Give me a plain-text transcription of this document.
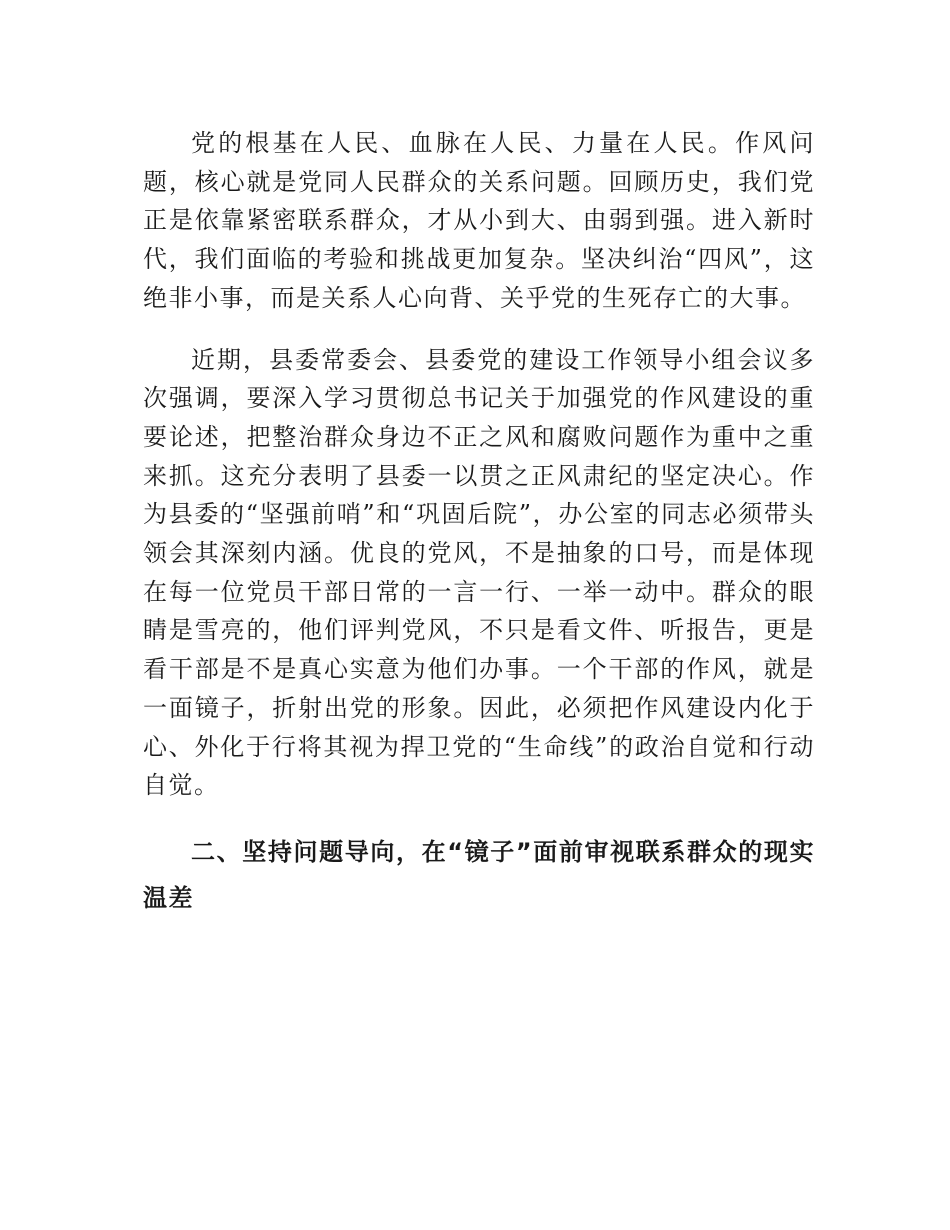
党的根基在人民、血脉在人民、力量在人民。作风问题，核心就是党同人民群众的关系问题。回顾历史，我们党正是依靠紧密联系群众，才从小到大、由弱到强。进入新时代，我们面临的考验和挑战更加复杂。坚决纠治“四风”，这绝非小事，而是关系人心向背、关乎党的生死存亡的大事。

近期，县委常委会、县委党的建设工作领导小组会议多次强调，要深入学习贯彻总书记关于加强党的作风建设的重要论述，把整治群众身边不正之风和腐败问题作为重中之重来抓。这充分表明了县委一以贯之正风肃纪的坚定决心。作为县委的“坚强前哨”和“巩固后院”，办公室的同志必须带头领会其深刻内涵。优良的党风，不是抽象的口号，而是体现在每一位党员干部日常的一言一行、一举一动中。群众的眼睛是雪亮的，他们评判党风，不只是看文件、听报告，更是看干部是不是真心实意为他们办事。一个干部的作风，就是一面镜子，折射出党的形象。因此，必须把作风建设内化于心、外化于行将其视为捍卫党的“生命线”的政治自觉和行动自觉。

二、坚持问题导向，在“镜子”面前审视联系群众的现实温差
